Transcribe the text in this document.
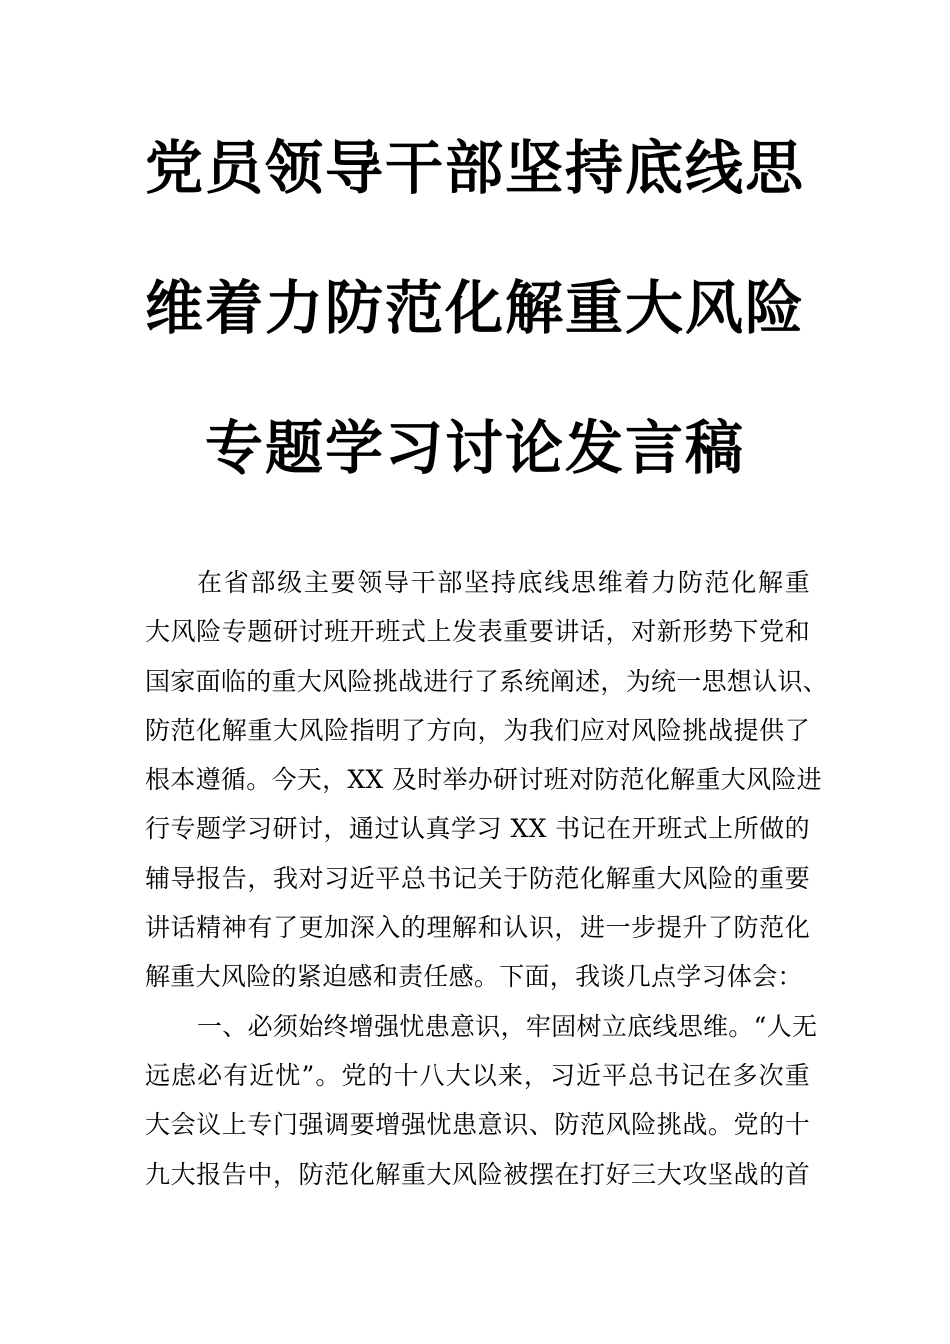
党员领导干部坚持底线思
维着力防范化解重大风险
专题学习讨论发言稿
在省部级主要领导干部坚持底线思维着力防范化解重
大风险专题研讨班开班式上发表重要讲话，对新形势下党和
国家面临的重大风险挑战进行了系统阐述，为统一思想认识、
防范化解重大风险指明了方向，为我们应对风险挑战提供了
根本遵循。今天，XX 及时举办研讨班对防范化解重大风险进
行专题学习研讨，通过认真学习 XX 书记在开班式上所做的
辅导报告，我对习近平总书记关于防范化解重大风险的重要
讲话精神有了更加深入的理解和认识，进一步提升了防范化
解重大风险的紧迫感和责任感。下面，我谈几点学习体会：
一、必须始终增强忧患意识，牢固树立底线思维。“人无
远虑必有近忧”。党的十八大以来，习近平总书记在多次重
大会议上专门强调要增强忧患意识、防范风险挑战。党的十
九大报告中，防范化解重大风险被摆在打好三大攻坚战的首
